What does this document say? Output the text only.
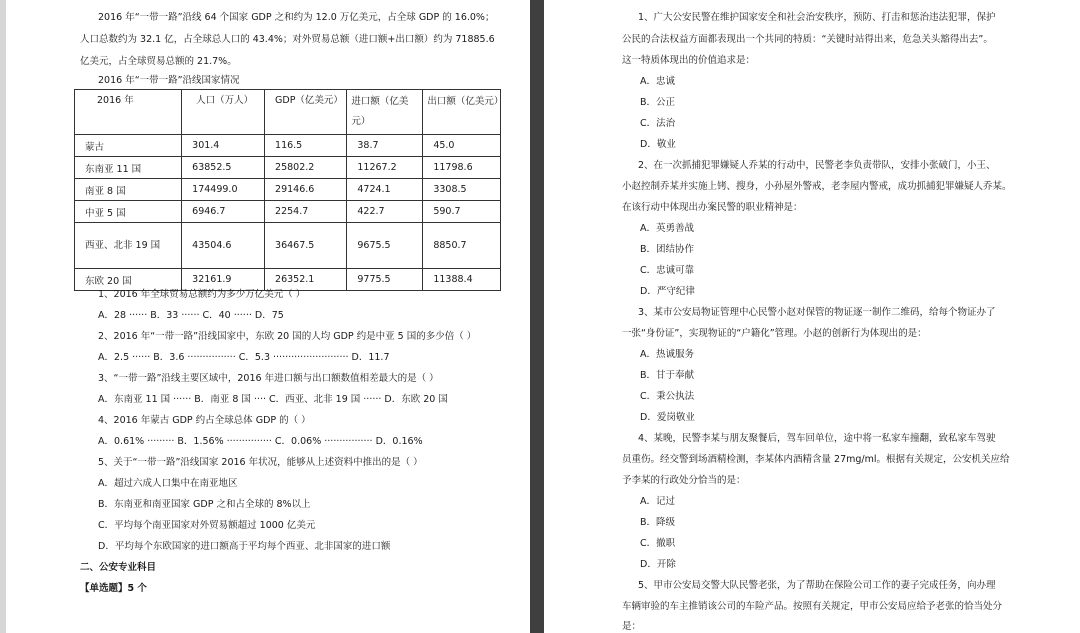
2016 年“一带一路”沿线 64 个国家 GDP 之和约为 12.0 万亿美元，占全球 GDP 的 16.0%；
人口总数约为 32.1 亿，占全球总人口的 43.4%；对外贸易总额（进口额+出口额）约为 71885.6
亿美元，占全球贸易总额的 21.7%。
2016 年“一带一路”沿线国家情况
2016 年	人口（万人）	GDP（亿美元）	进口额（亿美元）	出口额（亿美元）
蒙古	301.4	116.5	38.7	45.0
东南亚 11 国	63852.5	25802.2	11267.2	11798.6
南亚 8 国	174499.0	29146.6	4724.1	3308.5
中亚 5 国	6946.7	2254.7	422.7	590.7
西亚、北非 19 国	43504.6	36467.5	9675.5	8850.7
东欧 20 国	32161.9	26352.1	9775.5	11388.4
1、2016 年全球贸易总额约为多少万亿美元（ ）
A．28 ······ B．33 ······ C．40 ······ D．75
2、2016 年“一带一路”沿线国家中，东欧 20 国的人均 GDP 约是中亚 5 国的多少倍（ ）
A．2.5 ······ B．3.6 ················ C．5.3 ························· D．11.7
3、“一带一路”沿线主要区域中，2016 年进口额与出口额数值相差最大的是（ ）
A．东南亚 11 国 ······ B．南亚 8 国 ···· C．西亚、北非 19 国 ······ D．东欧 20 国
4、2016 年蒙古 GDP 约占全球总体 GDP 的（ ）
A．0.61% ········· B．1.56% ··············· C．0.06% ················ D．0.16%
5、关于“一带一路”沿线国家 2016 年状况，能够从上述资料中推出的是（ ）
A．超过六成人口集中在南亚地区
B．东南亚和南亚国家 GDP 之和占全球的 8%以上
C．平均每个南亚国家对外贸易额超过 1000 亿美元
D．平均每个东欧国家的进口额高于平均每个西亚、北非国家的进口额
二、公安专业科目
【单选题】5 个
1、广大公安民警在维护国家安全和社会治安秩序，预防、打击和惩治违法犯罪，保护
公民的合法权益方面都表现出一个共同的特质：“关键时站得出来，危急关头豁得出去”。
这一特质体现出的价值追求是：
A．忠诚
B．公正
C．法治
D．敬业
2、在一次抓捕犯罪嫌疑人乔某的行动中，民警老李负责带队，安排小张破门，小王、
小赵控制乔某并实施上铐、搜身，小孙屋外警戒，老李屋内警戒，成功抓捕犯罪嫌疑人乔某。
在该行动中体现出办案民警的职业精神是：
A．英勇善战
B．团结协作
C．忠诚可靠
D．严守纪律
3、某市公安局物证管理中心民警小赵对保管的物证逐一制作二维码，给每个物证办了
一张“身份证”，实现物证的“户籍化”管理。小赵的创新行为体现出的是：
A．热诚服务
B．甘于奉献
C．秉公执法
D．爱岗敬业
4、某晚，民警李某与朋友聚餐后，驾车回单位，途中将一私家车撞翻，致私家车驾驶
员重伤。经交警到场酒精检测，李某体内酒精含量 27mg/ml。根据有关规定，公安机关应给
予李某的行政处分恰当的是：
A．记过
B．降级
C．撤职
D．开除
5、甲市公安局交警大队民警老张，为了帮助在保险公司工作的妻子完成任务，向办理
车辆审验的车主推销该公司的车险产品。按照有关规定，甲市公安局应给予老张的恰当处分
是：
